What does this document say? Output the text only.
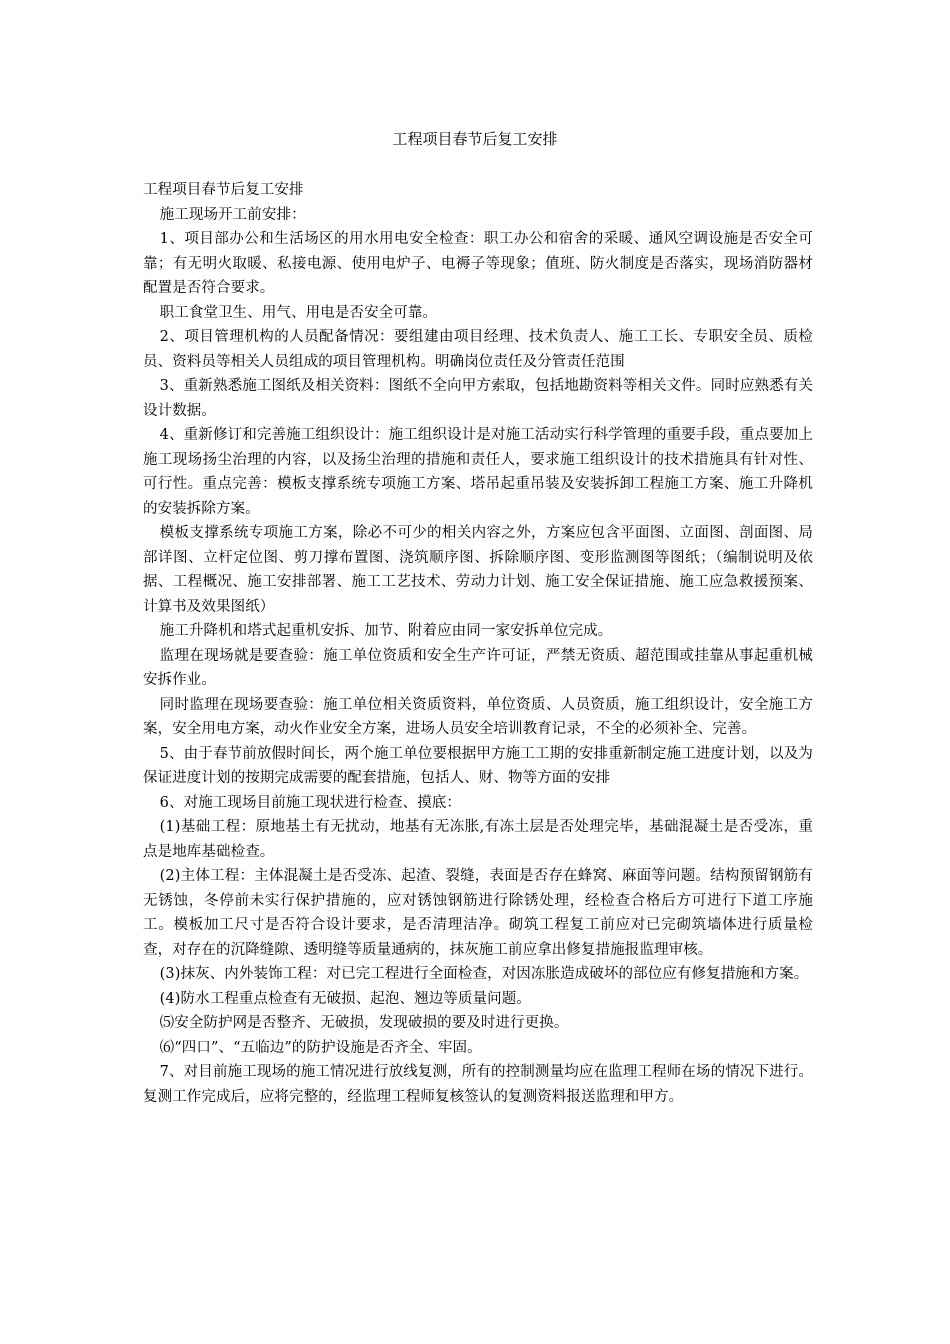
工程项目春节后复工安排

工程项目春节后复工安排

施工现场开工前安排：

1、项目部办公和生活场区的用水用电安全检查：职工办公和宿舍的采暖、通风空调设施是否安全可靠；有无明火取暖、私接电源、使用电炉子、电褥子等现象；值班、防火制度是否落实，现场消防器材配置是否符合要求。

职工食堂卫生、用气、用电是否安全可靠。

2、项目管理机构的人员配备情况：要组建由项目经理、技术负责人、施工工长、专职安全员、质检员、资料员等相关人员组成的项目管理机构。明确岗位责任及分管责任范围

3、重新熟悉施工图纸及相关资料：图纸不全向甲方索取，包括地勘资料等相关文件。同时应熟悉有关设计数据。

4、重新修订和完善施工组织设计：施工组织设计是对施工活动实行科学管理的重要手段，重点要加上施工现场扬尘治理的内容，以及扬尘治理的措施和责任人，要求施工组织设计的技术措施具有针对性、可行性。重点完善：模板支撑系统专项施工方案、塔吊起重吊装及安装拆卸工程施工方案、施工升降机的安装拆除方案。

模板支撑系统专项施工方案，除必不可少的相关内容之外，方案应包含平面图、立面图、剖面图、局部详图、立杆定位图、剪刀撑布置图、浇筑顺序图、拆除顺序图、变形监测图等图纸；（编制说明及依据、工程概况、施工安排部署、施工工艺技术、劳动力计划、施工安全保证措施、施工应急救援预案、计算书及效果图纸）

施工升降机和塔式起重机安拆、加节、附着应由同一家安拆单位完成。

监理在现场就是要查验：施工单位资质和安全生产许可证，严禁无资质、超范围或挂靠从事起重机械安拆作业。

同时监理在现场要查验：施工单位相关资质资料，单位资质、人员资质，施工组织设计，安全施工方案，安全用电方案，动火作业安全方案，进场人员安全培训教育记录，不全的必须补全、完善。

5、由于春节前放假时间长，两个施工单位要根据甲方施工工期的安排重新制定施工进度计划，以及为保证进度计划的按期完成需要的配套措施，包括人、财、物等方面的安排

6、对施工现场目前施工现状进行检查、摸底：

(1)基础工程：原地基土有无扰动，地基有无冻胀,有冻土层是否处理完毕，基础混凝土是否受冻，重点是地库基础检查。

(2)主体工程：主体混凝土是否受冻、起渣、裂缝，表面是否存在蜂窝、麻面等问题。结构预留钢筋有无锈蚀，冬停前未实行保护措施的，应对锈蚀钢筋进行除锈处理，经检查合格后方可进行下道工序施工。模板加工尺寸是否符合设计要求，是否清理洁净。砌筑工程复工前应对已完砌筑墙体进行质量检查，对存在的沉降缝隙、透明缝等质量通病的，抹灰施工前应拿出修复措施报监理审核。

(3)抹灰、内外装饰工程：对已完工程进行全面检查，对因冻胀造成破坏的部位应有修复措施和方案。

(4)防水工程重点检查有无破损、起泡、翘边等质量问题。

⑸安全防护网是否整齐、无破损，发现破损的要及时进行更换。

⑹“四口”、“五临边”的防护设施是否齐全、牢固。

7、对目前施工现场的施工情况进行放线复测，所有的控制测量均应在监理工程师在场的情况下进行。复测工作完成后，应将完整的，经监理工程师复核签认的复测资料报送监理和甲方。
